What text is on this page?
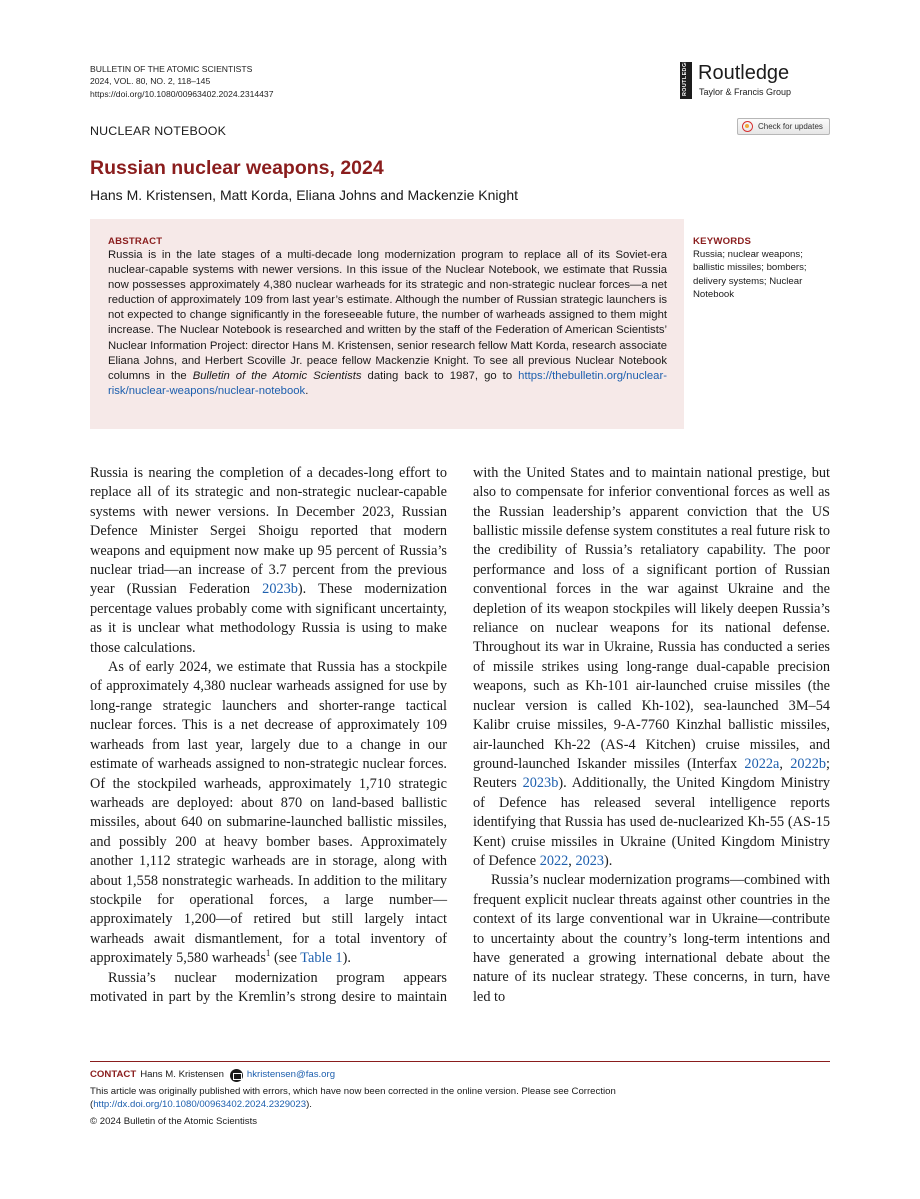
BULLETIN OF THE ATOMIC SCIENTISTS
2024, VOL. 80, NO. 2, 118–145
https://doi.org/10.1080/00963402.2024.2314437	ROUTLEDGE Routledge
Taylor & Francis Group
NUCLEAR NOTEBOOK	Check for updates
Russian nuclear weapons, 2024
Hans M. Kristensen, Matt Korda, Eliana Johns and Mackenzie Knight
ABSTRACT

Russia is in the late stages of a multi-decade long modernization program to replace all of its Soviet-era nuclear-capable systems with newer versions. In this issue of the Nuclear Notebook, we estimate that Russia now possesses approximately 4,380 nuclear warheads for its strategic and non-strategic nuclear forces—a net reduction of approximately 109 from last year’s estimate. Although the number of Russian strategic launchers is not expected to change significantly in the foreseeable future, the number of warheads assigned to them might increase. The Nuclear Notebook is researched and written by the staff of the Federation of American Scientists’ Nuclear Information Project: director Hans M. Kristensen, senior research fellow Matt Korda, research associate Eliana Johns, and Herbert Scoville Jr. peace fellow Mackenzie Knight. To see all previous Nuclear Notebook columns in the Bulletin of the Atomic Scientists dating back to 1987, go to https://thebulletin.org/nuclear-risk/nuclear-weapons/nuclear-notebook.

KEYWORDS
Russia; nuclear weapons; ballistic missiles; bombers; delivery systems; Nuclear Notebook

Russia is nearing the completion of a decades-long effort to replace all of its strategic and non-strategic nuclear-capable systems with newer versions. In December 2023, Russian Defence Minister Sergei Shoigu reported that modern weapons and equipment now make up 95 percent of Russia’s nuclear triad—an increase of 3.7 percent from the previous year (Russian Federation 2023b). These modernization percentage values probably come with significant uncertainty, as it is unclear what methodology Russia is using to make those calculations.

As of early 2024, we estimate that Russia has a stockpile of approximately 4,380 nuclear warheads assigned for use by long-range strategic launchers and shorter-range tactical nuclear forces. This is a net decrease of approximately 109 warheads from last year, largely due to a change in our estimate of warheads assigned to non-strategic nuclear forces. Of the stockpiled warheads, approximately 1,710 strategic warheads are deployed: about 870 on land-based ballistic missiles, about 640 on submarine-launched ballistic missiles, and possibly 200 at heavy bomber bases. Approximately another 1,112 strategic warheads are in storage, along with about 1,558 nonstrategic warheads. In addition to the military stockpile for operational forces, a large number—approximately 1,200—of retired but still largely intact warheads await dismantlement, for a total inventory of approximately 5,580 warheads$^1$ (see Table 1).

Russia’s nuclear modernization program appears motivated in part by the Kremlin’s strong desire to maintain

with the United States and to maintain national prestige, but also to compensate for inferior conventional forces as well as the Russian leadership’s apparent conviction that the US ballistic missile defense system constitutes a real future risk to the credibility of Russia’s retaliatory capability. The poor performance and loss of a significant portion of Russian conventional forces in the war against Ukraine and the depletion of its weapon stockpiles will likely deepen Russia’s reliance on nuclear weapons for its national defense. Throughout its war in Ukraine, Russia has conducted a series of missile strikes using long-range dual-capable precision weapons, such as Kh-101 air-launched cruise missiles (the nuclear version is called Kh-102), sea-launched 3M–54 Kalibr cruise missiles, 9-A-7760 Kinzhal ballistic missiles, air-launched Kh-22 (AS-4 Kitchen) cruise missiles, and ground-launched Iskander missiles (Interfax 2022a, 2022b; Reuters 2023b). Additionally, the United Kingdom Ministry of Defence has released several intelligence reports identifying that Russia has used de-nuclearized Kh-55 (AS-15 Kent) cruise missiles in Ukraine (United Kingdom Ministry of Defence 2022, 2023).

Russia’s nuclear modernization programs—combined with frequent explicit nuclear threats against other countries in the context of its large conventional war in Ukraine—contribute to uncertainty about the country’s long-term intentions and have generated a growing international debate about the nature of its nuclear strategy. These concerns, in turn, have led to

CONTACT Hans M. Kristensen hkristensen@fas.org
This article was originally published with errors, which have now been corrected in the online version. Please see Correction (http://dx.doi.org/10.1080/00963402.2024.2329023).
© 2024 Bulletin of the Atomic Scientists
